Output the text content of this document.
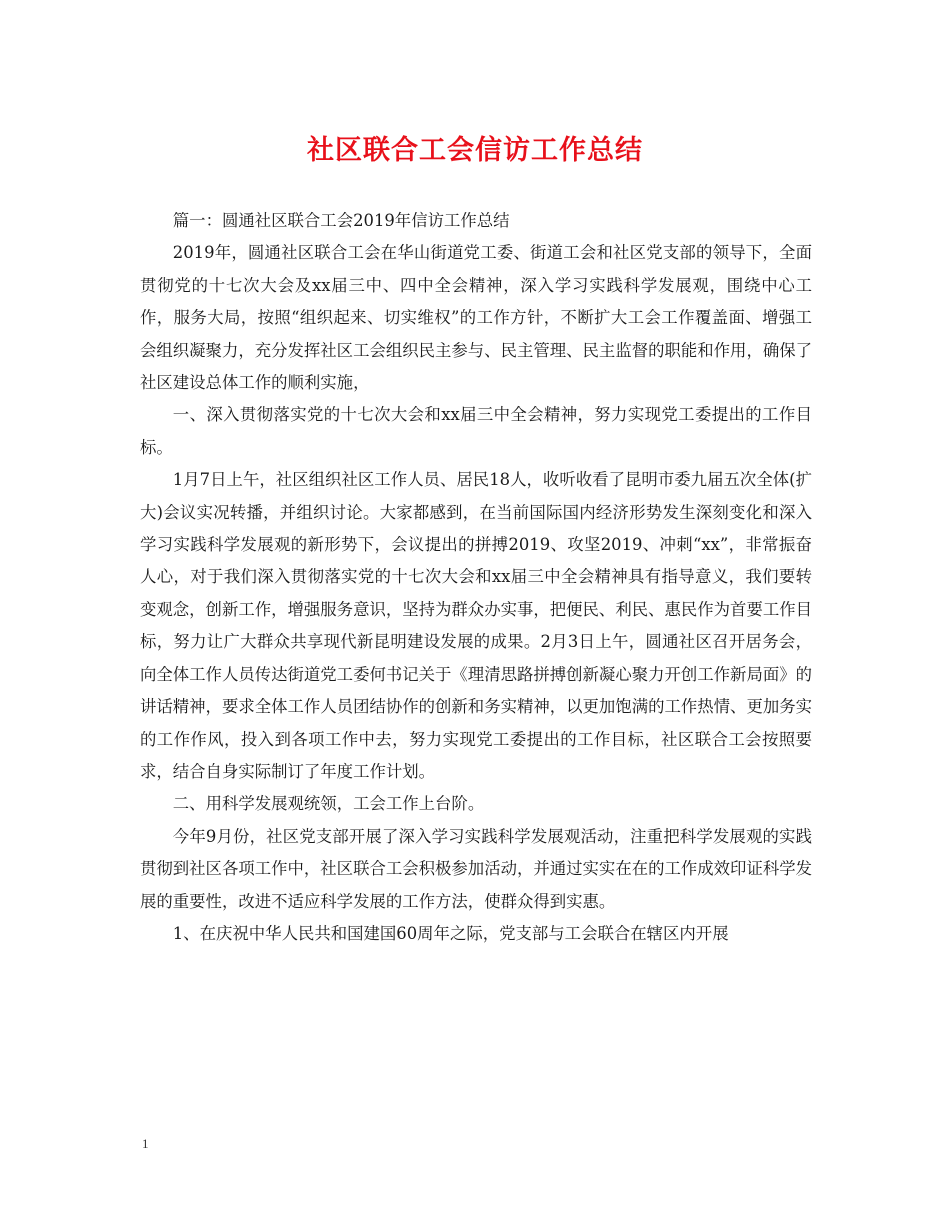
社区联合工会信访工作总结

篇一：圆通社区联合工会2019年信访工作总结

2019年，圆通社区联合工会在华山街道党工委、街道工会和社区党支部的领导下，全面贯彻党的十七次大会及xx届三中、四中全会精神，深入学习实践科学发展观，围绕中心工作，服务大局，按照“组织起来、切实维权”的工作方针，不断扩大工会工作覆盖面、增强工会组织凝聚力，充分发挥社区工会组织民主参与、民主管理、民主监督的职能和作用，确保了社区建设总体工作的顺利实施，

一、深入贯彻落实党的十七次大会和xx届三中全会精神，努力实现党工委提出的工作目标。

1月7日上午，社区组织社区工作人员、居民18人，收听收看了昆明市委九届五次全体(扩大)会议实况转播，并组织讨论。大家都感到，在当前国际国内经济形势发生深刻变化和深入学习实践科学发展观的新形势下，会议提出的拼搏2019、攻坚2019、冲刺“xx”，非常振奋人心，对于我们深入贯彻落实党的十七次大会和xx届三中全会精神具有指导意义，我们要转变观念，创新工作，增强服务意识，坚持为群众办实事，把便民、利民、惠民作为首要工作目标，努力让广大群众共享现代新昆明建设发展的成果。2月3日上午，圆通社区召开居务会，向全体工作人员传达街道党工委何书记关于《理清思路拼搏创新凝心聚力开创工作新局面》的讲话精神，要求全体工作人员团结协作的创新和务实精神，以更加饱满的工作热情、更加务实的工作作风，投入到各项工作中去，努力实现党工委提出的工作目标，社区联合工会按照要求，结合自身实际制订了年度工作计划。

二、用科学发展观统领，工会工作上台阶。

今年9月份，社区党支部开展了深入学习实践科学发展观活动，注重把科学发展观的实践贯彻到社区各项工作中，社区联合工会积极参加活动，并通过实实在在的工作成效印证科学发展的重要性，改进不适应科学发展的工作方法，使群众得到实惠。

1、在庆祝中华人民共和国建国60周年之际，党支部与工会联合在辖区内开展

1
